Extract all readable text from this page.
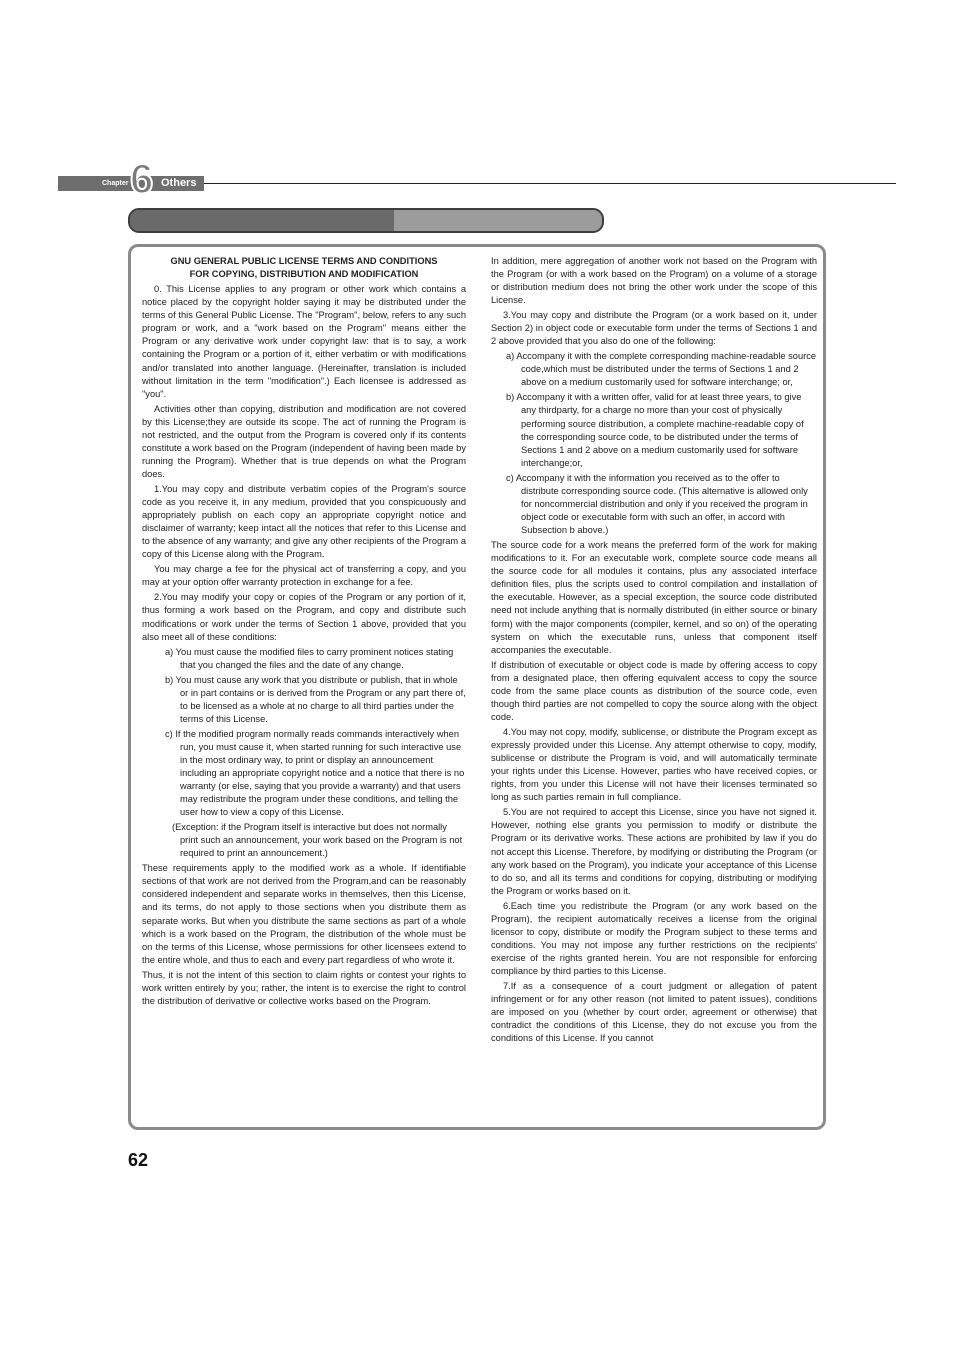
Chapter 6 Others
GNU GENERAL PUBLIC LICENSE TERMS AND CONDITIONS
FOR COPYING, DISTRIBUTION AND MODIFICATION

0. This License applies to any program or other work which contains a notice placed by the copyright holder saying it may be distributed under the terms of this General Public License. The "Program", below, refers to any such program or work, and a "work based on the Program" means either the Program or any derivative work under copyright law: that is to say, a work containing the Program or a portion of it, either verbatim or with modifications and/or translated into another language. (Hereinafter, translation is included without limitation in the term "modification".) Each licensee is addressed as "you".

Activities other than copying, distribution and modification are not covered by this License;they are outside its scope. The act of running the Program is not restricted, and the output from the Program is covered only if its contents constitute a work based on the Program (independent of having been made by running the Program). Whether that is true depends on what the Program does.

1.You may copy and distribute verbatim copies of the Program's source code as you receive it, in any medium, provided that you conspicuously and appropriately publish on each copy an appropriate copyright notice and disclaimer of warranty; keep intact all the notices that refer to this License and to the absence of any warranty; and give any other recipients of the Program a copy of this License along with the Program.

You may charge a fee for the physical act of transferring a copy, and you may at your option offer warranty protection in exchange for a fee.

2.You may modify your copy or copies of the Program or any portion of it, thus forming a work based on the Program, and copy and distribute such modifications or work under the terms of Section 1 above, provided that you also meet all of these conditions:

a) You must cause the modified files to carry prominent notices stating that you changed the files and the date of any change.

b) You must cause any work that you distribute or publish, that in whole or in part contains or is derived from the Program or any part there of, to be licensed as a whole at no charge to all third parties under the terms of this License.

c) If the modified program normally reads commands interactively when run, you must cause it, when started running for such interactive use in the most ordinary way, to print or display an announcement including an appropriate copyright notice and a notice that there is no warranty (or else, saying that you provide a warranty) and that users may redistribute the program under these conditions, and telling the user how to view a copy of this License.

(Exception: if the Program itself is interactive but does not normally print such an announcement, your work based on the Program is not required to print an announcement.)

These requirements apply to the modified work as a whole. If identifiable sections of that work are not derived from the Program,and can be reasonably considered independent and separate works in themselves, then this License, and its terms, do not apply to those sections when you distribute them as separate works. But when you distribute the same sections as part of a whole which is a work based on the Program, the distribution of the whole must be on the terms of this License, whose permissions for other licensees extend to the entire whole, and thus to each and every part regardless of who wrote it.

Thus, it is not the intent of this section to claim rights or contest your rights to work written entirely by you; rather, the intent is to exercise the right to control the distribution of derivative or collective works based on the Program.

In addition, mere aggregation of another work not based on the Program with the Program (or with a work based on the Program) on a volume of a storage or distribution medium does not bring the other work under the scope of this License.

3.You may copy and distribute the Program (or a work based on it, under Section 2) in object code or executable form under the terms of Sections 1 and 2 above provided that you also do one of the following:

a) Accompany it with the complete corresponding machine-readable source code,which must be distributed under the terms of Sections 1 and 2 above on a medium customarily used for software interchange; or,

b) Accompany it with a written offer, valid for at least three years, to give any thirdparty, for a charge no more than your cost of physically performing source distribution, a complete machine-readable copy of the corresponding source code, to be distributed under the terms of Sections 1 and 2 above on a medium customarily used for software interchange;or,

c) Accompany it with the information you received as to the offer to distribute corresponding source code. (This alternative is allowed only for noncommercial distribution and only if you received the program in object code or executable form with such an offer, in accord with Subsection b above.)

The source code for a work means the preferred form of the work for making modifications to it. For an executable work, complete source code means all the source code for all modules it contains, plus any associated interface definition files, plus the scripts used to control compilation and installation of the executable. However, as a special exception, the source code distributed need not include anything that is normally distributed (in either source or binary form) with the major components (compiler, kernel, and so on) of the operating system on which the executable runs, unless that component itself accompanies the executable.

If distribution of executable or object code is made by offering access to copy from a designated place, then offering equivalent access to copy the source code from the same place counts as distribution of the source code, even though third parties are not compelled to copy the source along with the object code.

4.You may not copy, modify, sublicense, or distribute the Program except as expressly provided under this License. Any attempt otherwise to copy, modify, sublicense or distribute the Program is void, and will automatically terminate your rights under this License. However, parties who have received copies, or rights, from you under this License will not have their licenses terminated so long as such parties remain in full compliance.

5.You are not required to accept this License, since you have not signed it. However, nothing else grants you permission to modify or distribute the Program or its derivative works. These actions are prohibited by law if you do not accept this License. Therefore, by modifying or distributing the Program (or any work based on the Program), you indicate your acceptance of this License to do so, and all its terms and conditions for copying, distributing or modifying the Program or works based on it.

6.Each time you redistribute the Program (or any work based on the Program), the recipient automatically receives a license from the original licensor to copy, distribute or modify the Program subject to these terms and conditions. You may not impose any further restrictions on the recipients' exercise of the rights granted herein. You are not responsible for enforcing compliance by third parties to this License.

7.If as a consequence of a court judgment or allegation of patent infringement or for any other reason (not limited to patent issues), conditions are imposed on you (whether by court order, agreement or otherwise) that contradict the conditions of this License, they do not excuse you from the conditions of this License. If you cannot

62
